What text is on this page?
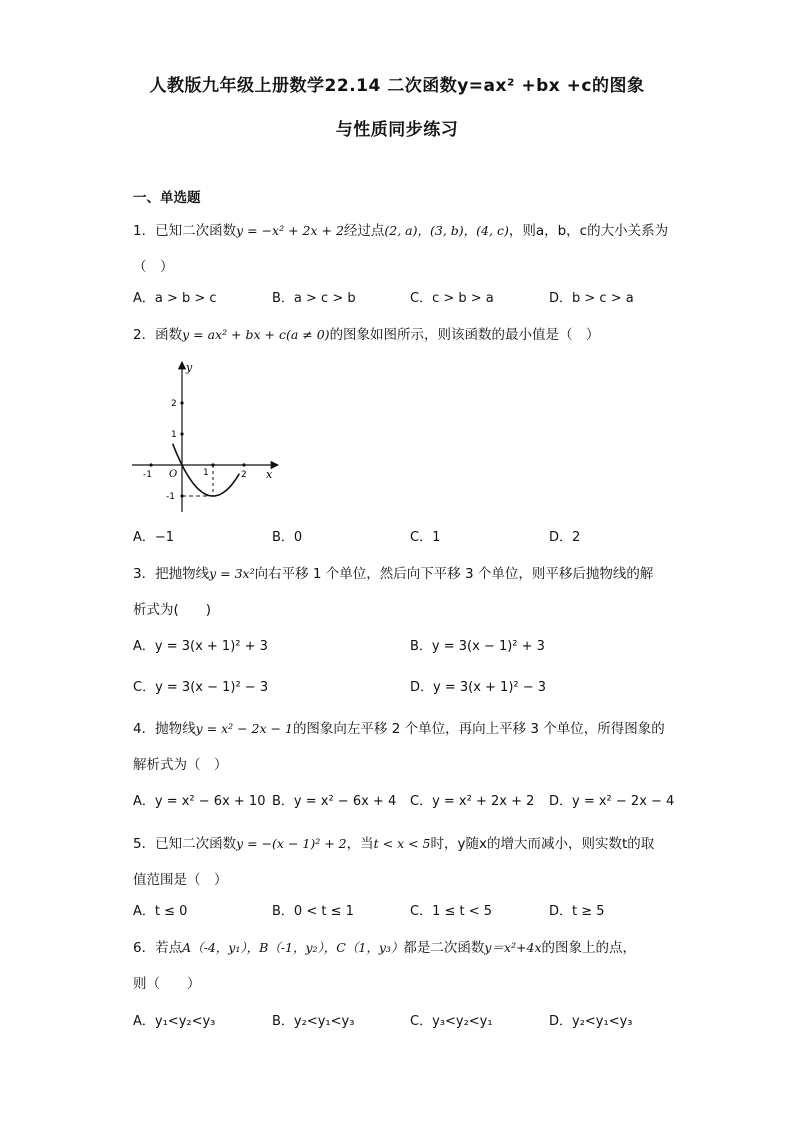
人教版九年级上册数学22.14 二次函数y=ax² +bx +c的图象
与性质同步练习
一、单选题
1．已知二次函数y = −x² + 2x + 2经过点(2, a)，(3, b)，(4, c)，则a，b，c的大小关系为
（　）
A．a > b > c	B．a > c > b	C．c > b > a	D．b > c > a
2．函数y = ax² + bx + c(a ≠ 0)的图象如图所示，则该函数的最小值是（　）
y
x
O
-1	1	2
2
1
-1
A．−1	B．0	C．1	D．2
3．把抛物线y = 3x²向右平移 1 个单位，然后向下平移 3 个单位，则平移后抛物线的解
析式为(　　)
A．y = 3(x + 1)² + 3	B．y = 3(x − 1)² + 3
C．y = 3(x − 1)² − 3	D．y = 3(x + 1)² − 3
4．抛物线y = x² − 2x − 1的图象向左平移 2 个单位，再向上平移 3 个单位，所得图象的
解析式为（　）
A．y = x² − 6x + 10 B．y = x² − 6x + 4 C．y = x² + 2x + 2 D．y = x² − 2x − 4
5．已知二次函数y = −(x − 1)² + 2，当t < x < 5时，y随x的增大而减小，则实数t的取
值范围是（　）
A．t ≤ 0	B．0 < t ≤ 1	C．1 ≤ t < 5	D．t ≥ 5
6．若点A（-4，y₁），B（-1，y₂），C（1，y₃）都是二次函数y＝x²+4x的图象上的点，
则（　　）
A．y₁<y₂<y₃	B．y₂<y₁<y₃	C．y₃<y₂<y₁	D．y₂<y₁<y₃
